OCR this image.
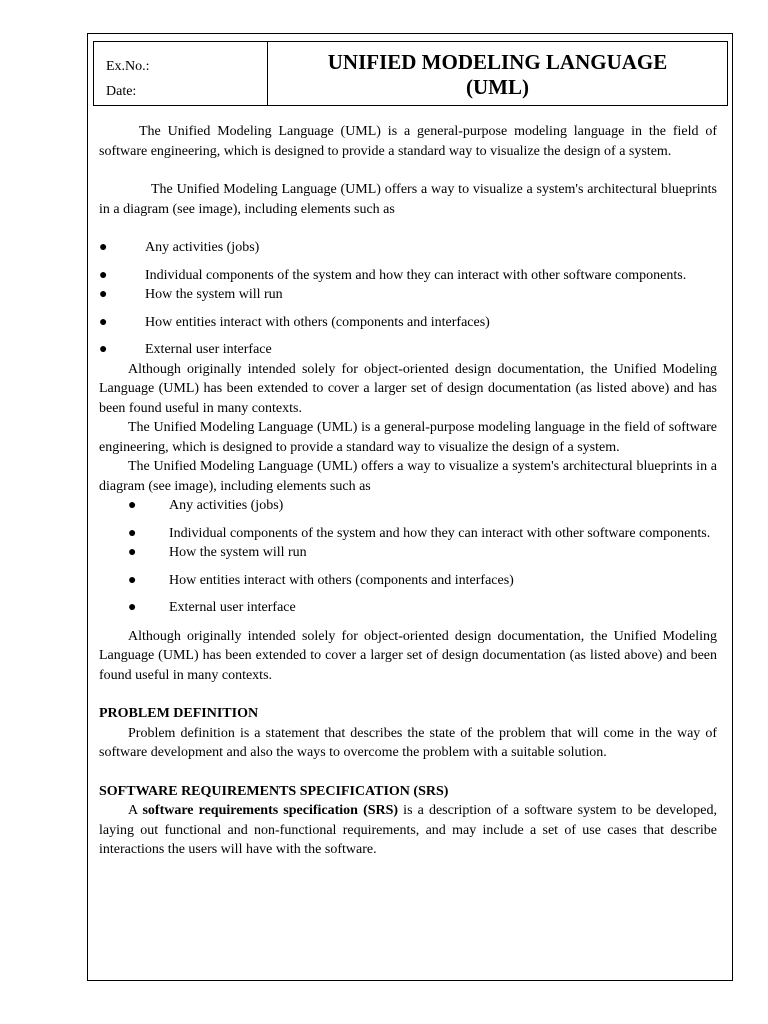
Ex.No.:
Date:
UNIFIED MODELING LANGUAGE
(UML)

The Unified Modeling Language (UML) is a general-purpose modeling language in the field of software engineering, which is designed to provide a standard way to visualize the design of a system.

The Unified Modeling Language (UML) offers a way to visualize a system's architectural blueprints in a diagram (see image), including elements such as

●	Any activities (jobs)

●	Individual components of the system and how they can interact with other software components.

●	How the system will run

●	How entities interact with others (components and interfaces)

●	External user interface

Although originally intended solely for object-oriented design documentation, the Unified Modeling Language (UML) has been extended to cover a larger set of design documentation (as listed above) and has been found useful in many contexts.

The Unified Modeling Language (UML) is a general-purpose modeling language in the field of software engineering, which is designed to provide a standard way to visualize the design of a system.

The Unified Modeling Language (UML) offers a way to visualize a system's architectural blueprints in a diagram (see image), including elements such as

● Any activities (jobs)

● Individual components of the system and how they can interact with other software components.

● How the system will run

● How entities interact with others (components and interfaces)

● External user interface

Although originally intended solely for object-oriented design documentation, the Unified Modeling Language (UML) has been extended to cover a larger set of design documentation (as listed above) and been found useful in many contexts.

PROBLEM DEFINITION

Problem definition is a statement that describes the state of the problem that will come in the way of software development and also the ways to overcome the problem with a suitable solution.

SOFTWARE REQUIREMENTS SPECIFICATION (SRS)

A software requirements specification (SRS) is a description of a software system to be developed, laying out functional and non-functional requirements, and may include a set of use cases that describe interactions the users will have with the software.
